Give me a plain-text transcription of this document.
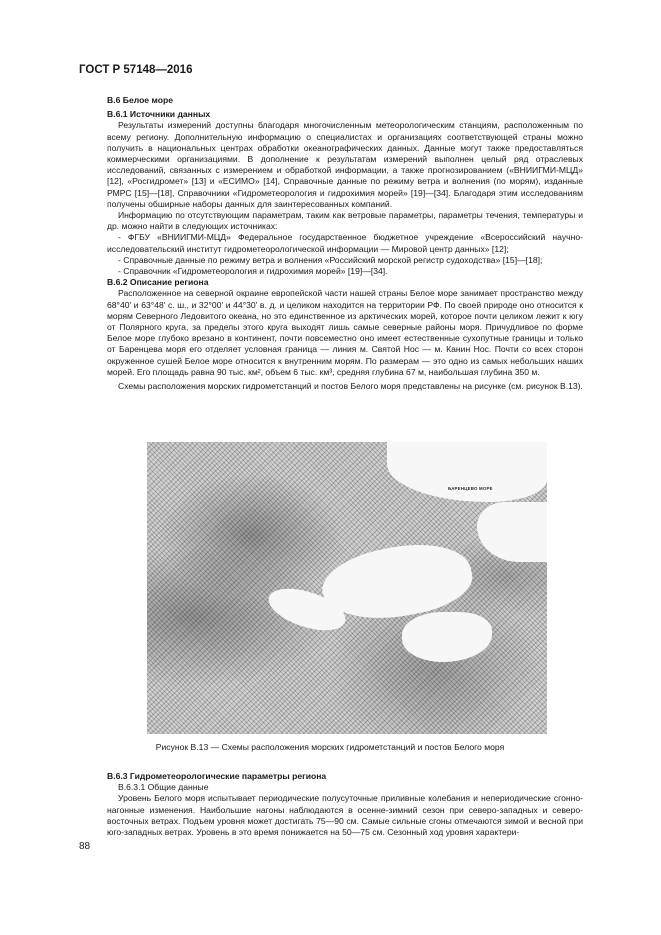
ГОСТ Р 57148—2016

В.6 Белое море

В.6.1 Источники данных

Результаты измерений доступны благодаря многочисленным метеорологическим станциям, расположенным по всему региону. Дополнительную информацию о специалистах и организациях соответствующей страны можно получить в национальных центрах обработки океанографических данных. Данные могут также предоставляться коммерческими организациями. В дополнение к результатам измерений выполнен целый ряд отраслевых исследований, связанных с измерением и обработкой информации, а также прогнозированием («ВНИИГМИ-МЦД» [12], «Росгидромет» [13] и «ЕСИМО» [14], Справочные данные по режиму ветра и волнения (по морям), изданные РМРС [15]—[18], Справочники «Гидрометеорология и гидрохимия морей» [19]—[34]. Благодаря этим исследованиям получены обширные наборы данных для заинтересованных компаний.

Информацию по отсутствующим параметрам, таким как ветровые параметры, параметры течения, температуры и др. можно найти в следующих источниках:

- ФГБУ «ВНИИГМИ-МЦД» Федеральное государственное бюджетное учреждение «Всероссийский научно-исследовательский институт гидрометеорологической информации — Мировой центр данных» [12];

- Справочные данные по режиму ветра и волнения «Российский морской регистр судоходства» [15]—[18];

- Справочник «Гидрометеорология и гидрохимия морей» [19]—[34].

В.6.2 Описание региона

Расположенное на северной окраине европейской части нашей страны Белое море занимает пространство между 68°40' и 63°48' с. ш., и 32°00' и 44°30' в. д. и целиком находится на территории РФ. По своей природе оно относится к морям Северного Ледовитого океана, но это единственное из арктических морей, которое почти целиком лежит к югу от Полярного круга, за пределы этого круга выходят лишь самые северные районы моря. Причудливое по форме Белое море глубоко врезано в континент, почти повсеместно оно имеет естественные сухопутные границы и только от Баренцева моря его отделяет условная граница — линия м. Святой Нос — м. Канин Нос. Почти со всех сторон окруженное сушей Белое море относится к внутренним морям. По размерам — это одно из самых небольших наших морей. Его площадь равна 90 тыс. км², объем 6 тыс. км³, средняя глубина 67 м, наибольшая глубина 350 м.

Схемы расположения морских гидрометстанций и постов Белого моря представлены на рисунке (см. рисунок В.13).

БАРЕНЦЕВО МОРЕ
Рисунок В.13 — Схемы расположения морских гидрометстанций и постов Белого моря

В.6.3 Гидрометеорологические параметры региона

В.6.3.1 Общие данные

Уровень Белого моря испытывает периодические полусуточные приливные колебания и непериодические сгонно-нагонные изменения. Наибольшие нагоны наблюдаются в осенне-зимний сезон при северо-западных и северо-восточных ветрах. Подъем уровня может достигать 75—90 см. Самые сильные сгоны отмечаются зимой и весной при юго-западных ветрах. Уровень в это время понижается на 50—75 см. Сезонный ход уровня характери-

88
